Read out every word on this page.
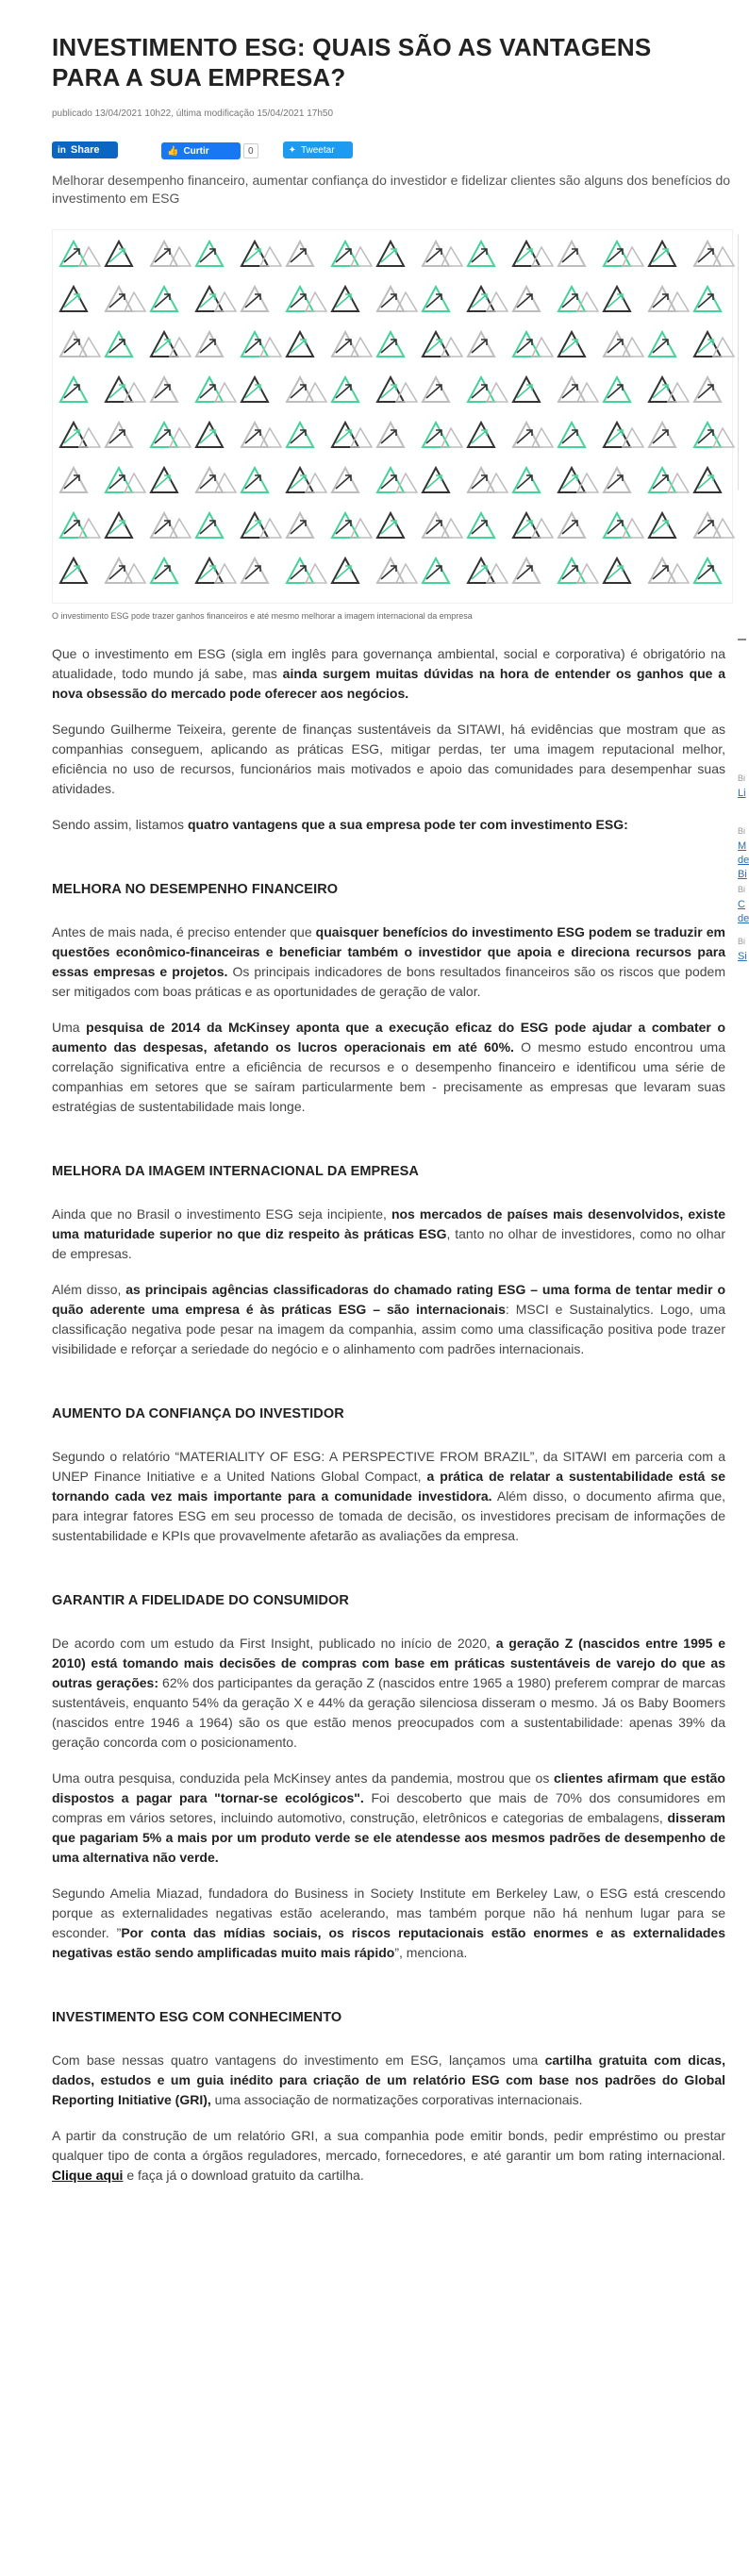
INVESTIMENTO ESG: QUAIS SÃO AS VANTAGENS PARA A SUA EMPRESA?
publicado 13/04/2021 10h22, última modificação 15/04/2021 17h50
in Share	👍 Curtir	0	✦ Tweetar
Melhorar desempenho financeiro, aumentar confiança do investidor e fidelizar clientes são alguns dos benefícios do investimento em ESG
O investimento ESG pode trazer ganhos financeiros e até mesmo melhorar a imagem internacional da empresa

Que o investimento em ESG (sigla em inglês para governança ambiental, social e corporativa) é obrigatório na atualidade, todo mundo já sabe, mas ainda surgem muitas dúvidas na hora de entender os ganhos que a nova obsessão do mercado pode oferecer aos negócios.

Segundo Guilherme Teixeira, gerente de finanças sustentáveis da SITAWI, há evidências que mostram que as companhias conseguem, aplicando as práticas ESG, mitigar perdas, ter uma imagem reputacional melhor, eficiência no uso de recursos, funcionários mais motivados e apoio das comunidades para desempenhar suas atividades.

Sendo assim, listamos quatro vantagens que a sua empresa pode ter com investimento ESG:

MELHORA NO DESEMPENHO FINANCEIRO

Antes de mais nada, é preciso entender que quaisquer benefícios do investimento ESG podem se traduzir em questões econômico-financeiras e beneficiar também o investidor que apoia e direciona recursos para essas empresas e projetos. Os principais indicadores de bons resultados financeiros são os riscos que podem ser mitigados com boas práticas e as oportunidades de geração de valor.

Uma pesquisa de 2014 da McKinsey aponta que a execução eficaz do ESG pode ajudar a combater o aumento das despesas, afetando os lucros operacionais em até 60%. O mesmo estudo encontrou uma correlação significativa entre a eficiência de recursos e o desempenho financeiro e identificou uma série de companhias em setores que se saíram particularmente bem - precisamente as empresas que levaram suas estratégias de sustentabilidade mais longe.

MELHORA DA IMAGEM INTERNACIONAL DA EMPRESA

Ainda que no Brasil o investimento ESG seja incipiente, nos mercados de países mais desenvolvidos, existe uma maturidade superior no que diz respeito às práticas ESG, tanto no olhar de investidores, como no olhar de empresas.

Além disso, as principais agências classificadoras do chamado rating ESG – uma forma de tentar medir o quão aderente uma empresa é às práticas ESG – são internacionais: MSCI e Sustainalytics. Logo, uma classificação negativa pode pesar na imagem da companhia, assim como uma classificação positiva pode trazer visibilidade e reforçar a seriedade do negócio e o alinhamento com padrões internacionais.

AUMENTO DA CONFIANÇA DO INVESTIDOR

Segundo o relatório “MATERIALITY OF ESG: A PERSPECTIVE FROM BRAZIL”, da SITAWI em parceria com a UNEP Finance Initiative e a United Nations Global Compact, a prática de relatar a sustentabilidade está se tornando cada vez mais importante para a comunidade investidora. Além disso, o documento afirma que, para integrar fatores ESG em seu processo de tomada de decisão, os investidores precisam de informações de sustentabilidade e KPIs que provavelmente afetarão as avaliações da empresa.

GARANTIR A FIDELIDADE DO CONSUMIDOR

De acordo com um estudo da First Insight, publicado no início de 2020, a geração Z (nascidos entre 1995 e 2010) está tomando mais decisões de compras com base em práticas sustentáveis de varejo do que as outras gerações: 62% dos participantes da geração Z (nascidos entre 1965 a 1980) preferem comprar de marcas sustentáveis, enquanto 54% da geração X e 44% da geração silenciosa disseram o mesmo. Já os Baby Boomers (nascidos entre 1946 a 1964) são os que estão menos preocupados com a sustentabilidade: apenas 39% da geração concorda com o posicionamento.

Uma outra pesquisa, conduzida pela McKinsey antes da pandemia, mostrou que os clientes afirmam que estão dispostos a pagar para "tornar-se ecológicos". Foi descoberto que mais de 70% dos consumidores em compras em vários setores, incluindo automotivo, construção, eletrônicos e categorias de embalagens, disseram que pagariam 5% a mais por um produto verde se ele atendesse aos mesmos padrões de desempenho de uma alternativa não verde.

Segundo Amelia Miazad, fundadora do Business in Society Institute em Berkeley Law, o ESG está crescendo porque as externalidades negativas estão acelerando, mas também porque não há nenhum lugar para se esconder. ”Por conta das mídias sociais, os riscos reputacionais estão enormes e as externalidades negativas estão sendo amplificadas muito mais rápido”, menciona.

INVESTIMENTO ESG COM CONHECIMENTO

Com base nessas quatro vantagens do investimento em ESG, lançamos uma cartilha gratuita com dicas, dados, estudos e um guia inédito para criação de um relatório ESG com base nos padrões do Global Reporting Initiative (GRI), uma associação de normatizações corporativas internacionais.

A partir da construção de um relatório GRI, a sua companhia pode emitir bonds, pedir empréstimo ou prestar qualquer tipo de conta a órgãos reguladores, mercado, fornecedores, e até garantir um bom rating internacional. Clique aqui e faça já o download gratuito da cartilha.

Bi
Li
Bi
M de Bi
Bi
C de
Bi
Si
